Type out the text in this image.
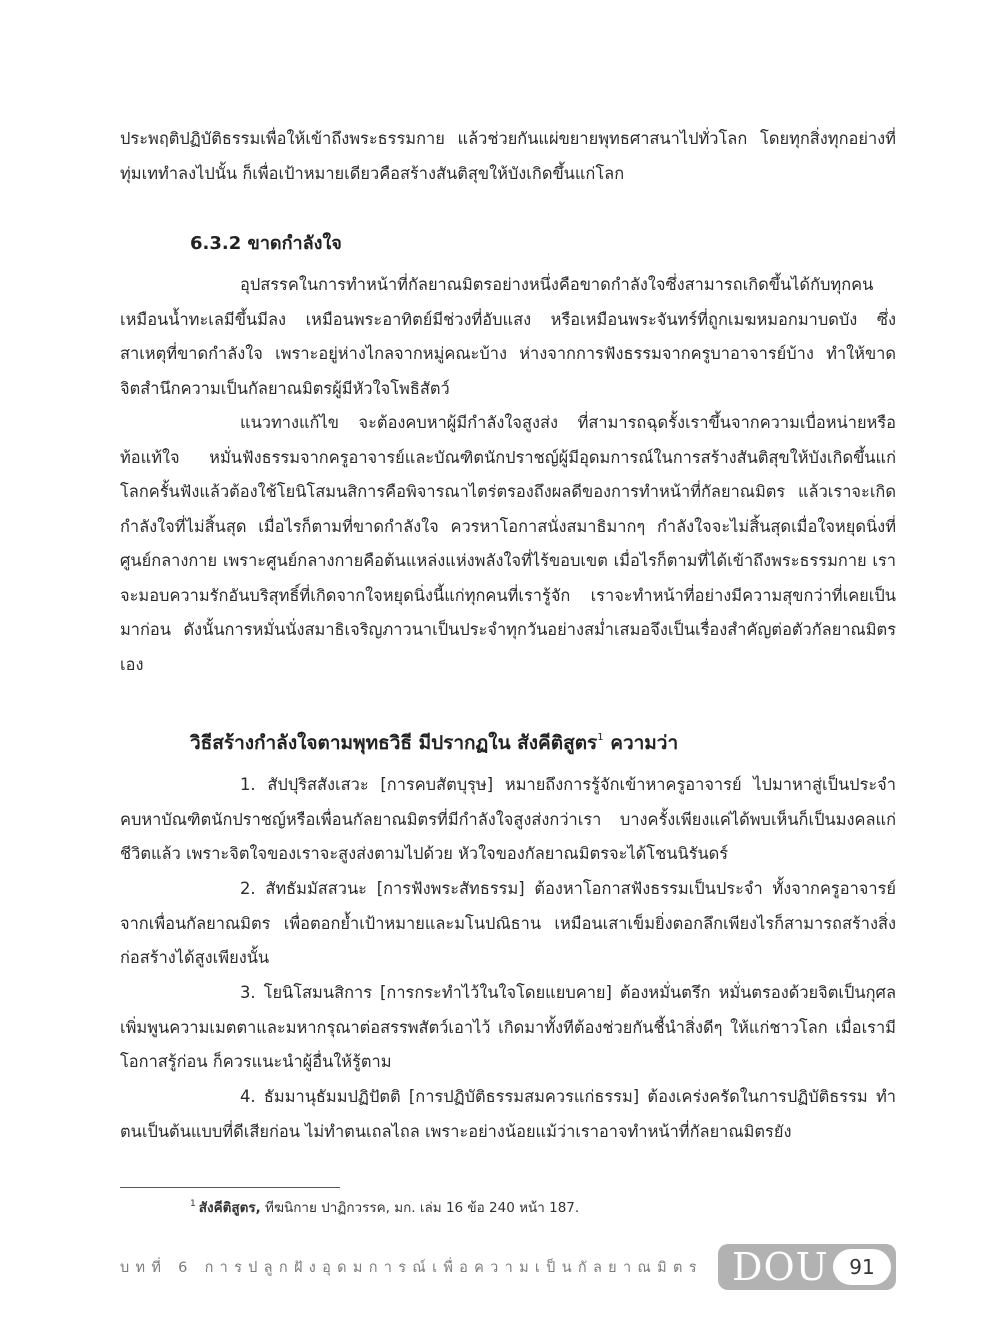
ประพฤติปฏิบัติธรรมเพื่อให้เข้าถึงพระธรรมกาย แล้วช่วยกันแผ่ขยายพุทธศาสนาไปทั่วโลก โดยทุกสิ่งทุกอย่างที่ทุ่มเททำลงไปนั้น ก็เพื่อเป้าหมายเดียวคือสร้างสันติสุขให้บังเกิดขึ้นแก่โลก

6.3.2 ขาดกำลังใจ

อุปสรรคในการทำหน้าที่กัลยาณมิตรอย่างหนึ่งคือขาดกำลังใจซึ่งสามารถเกิดขึ้นได้กับทุกคน เหมือนน้ำทะเลมีขึ้นมีลง เหมือนพระอาทิตย์มีช่วงที่อับแสง หรือเหมือนพระจันทร์ที่ถูกเมฆหมอกมาบดบัง ซึ่งสาเหตุที่ขาดกำลังใจ เพราะอยู่ห่างไกลจากหมู่คณะบ้าง ห่างจากการฟังธรรมจากครูบาอาจารย์บ้าง ทำให้ขาดจิตสำนึกความเป็นกัลยาณมิตรผู้มีหัวใจโพธิสัตว์

แนวทางแก้ไข จะต้องคบหาผู้มีกำลังใจสูงส่ง ที่สามารถฉุดรั้งเราขึ้นจากความเบื่อหน่ายหรือท้อแท้ใจ หมั่นฟังธรรมจากครูอาจารย์และบัณฑิตนักปราชญ์ผู้มีอุดมการณ์ในการสร้างสันติสุขให้บังเกิดขึ้นแก่โลกครั้นฟังแล้วต้องใช้โยนิโสมนสิการคือพิจารณาไตร่ตรองถึงผลดีของการทำหน้าที่กัลยาณมิตร แล้วเราจะเกิดกำลังใจที่ไม่สิ้นสุด เมื่อไรก็ตามที่ขาดกำลังใจ ควรหาโอกาสนั่งสมาธิมากๆ กำลังใจจะไม่สิ้นสุดเมื่อใจหยุดนิ่งที่ศูนย์กลางกาย เพราะศูนย์กลางกายคือต้นแหล่งแห่งพลังใจที่ไร้ขอบเขต เมื่อไรก็ตามที่ได้เข้าถึงพระธรรมกาย เราจะมอบความรักอันบริสุทธิ์ที่เกิดจากใจหยุดนิ่งนี้แก่ทุกคนที่เรารู้จัก เราจะทำหน้าที่อย่างมีความสุขกว่าที่เคยเป็นมาก่อน ดังนั้นการหมั่นนั่งสมาธิเจริญภาวนาเป็นประจำทุกวันอย่างสม่ำเสมอจึงเป็นเรื่องสำคัญต่อตัวกัลยาณมิตรเอง

วิธีสร้างกำลังใจตามพุทธวิธี มีปรากฏใน สังคีติสูตร$^1$ ความว่า

1. สัปปุริสสังเสวะ [การคบสัตบุรุษ] หมายถึงการรู้จักเข้าหาครูอาจารย์ ไปมาหาสู่เป็นประจำ คบหาบัณฑิตนักปราชญ์หรือเพื่อนกัลยาณมิตรที่มีกำลังใจสูงส่งกว่าเรา บางครั้งเพียงแค่ได้พบเห็นก็เป็นมงคลแก่ชีวิตแล้ว เพราะจิตใจของเราจะสูงส่งตามไปด้วย หัวใจของกัลยาณมิตรจะได้โชนนิรันดร์

2. สัทธัมมัสสวนะ [การฟังพระสัทธรรม] ต้องหาโอกาสฟังธรรมเป็นประจำ ทั้งจากครูอาจารย์จากเพื่อนกัลยาณมิตร เพื่อตอกย้ำเป้าหมายและมโนปณิธาน เหมือนเสาเข็มยิ่งตอกลึกเพียงไรก็สามารถสร้างสิ่งก่อสร้างได้สูงเพียงนั้น

3. โยนิโสมนสิการ [การกระทำไว้ในใจโดยแยบคาย] ต้องหมั่นตรึก หมั่นตรองด้วยจิตเป็นกุศล เพิ่มพูนความเมตตาและมหากรุณาต่อสรรพสัตว์เอาไว้ เกิดมาทั้งทีต้องช่วยกันชี้นำสิ่งดีๆ ให้แก่ชาวโลก เมื่อเรามีโอกาสรู้ก่อน ก็ควรแนะนำผู้อื่นให้รู้ตาม

4. ธัมมานุธัมมปฏิปัตติ [การปฏิบัติธรรมสมควรแก่ธรรม] ต้องเคร่งครัดในการปฏิบัติธรรม ทำตนเป็นต้นแบบที่ดีเสียก่อน ไม่ทำตนเถลไถล เพราะอย่างน้อยแม้ว่าเราอาจทำหน้าที่กัลยาณมิตรยัง

$^1$ สังคีติสูตร, ทีฆนิกาย ปาฏิกวรรค, มก. เล่ม 16 ข้อ 240 หน้า 187.

บทที่ 6 การปลูกฝังอุดมการณ์เพื่อความเป็นกัลยาณมิตร DOU	91
